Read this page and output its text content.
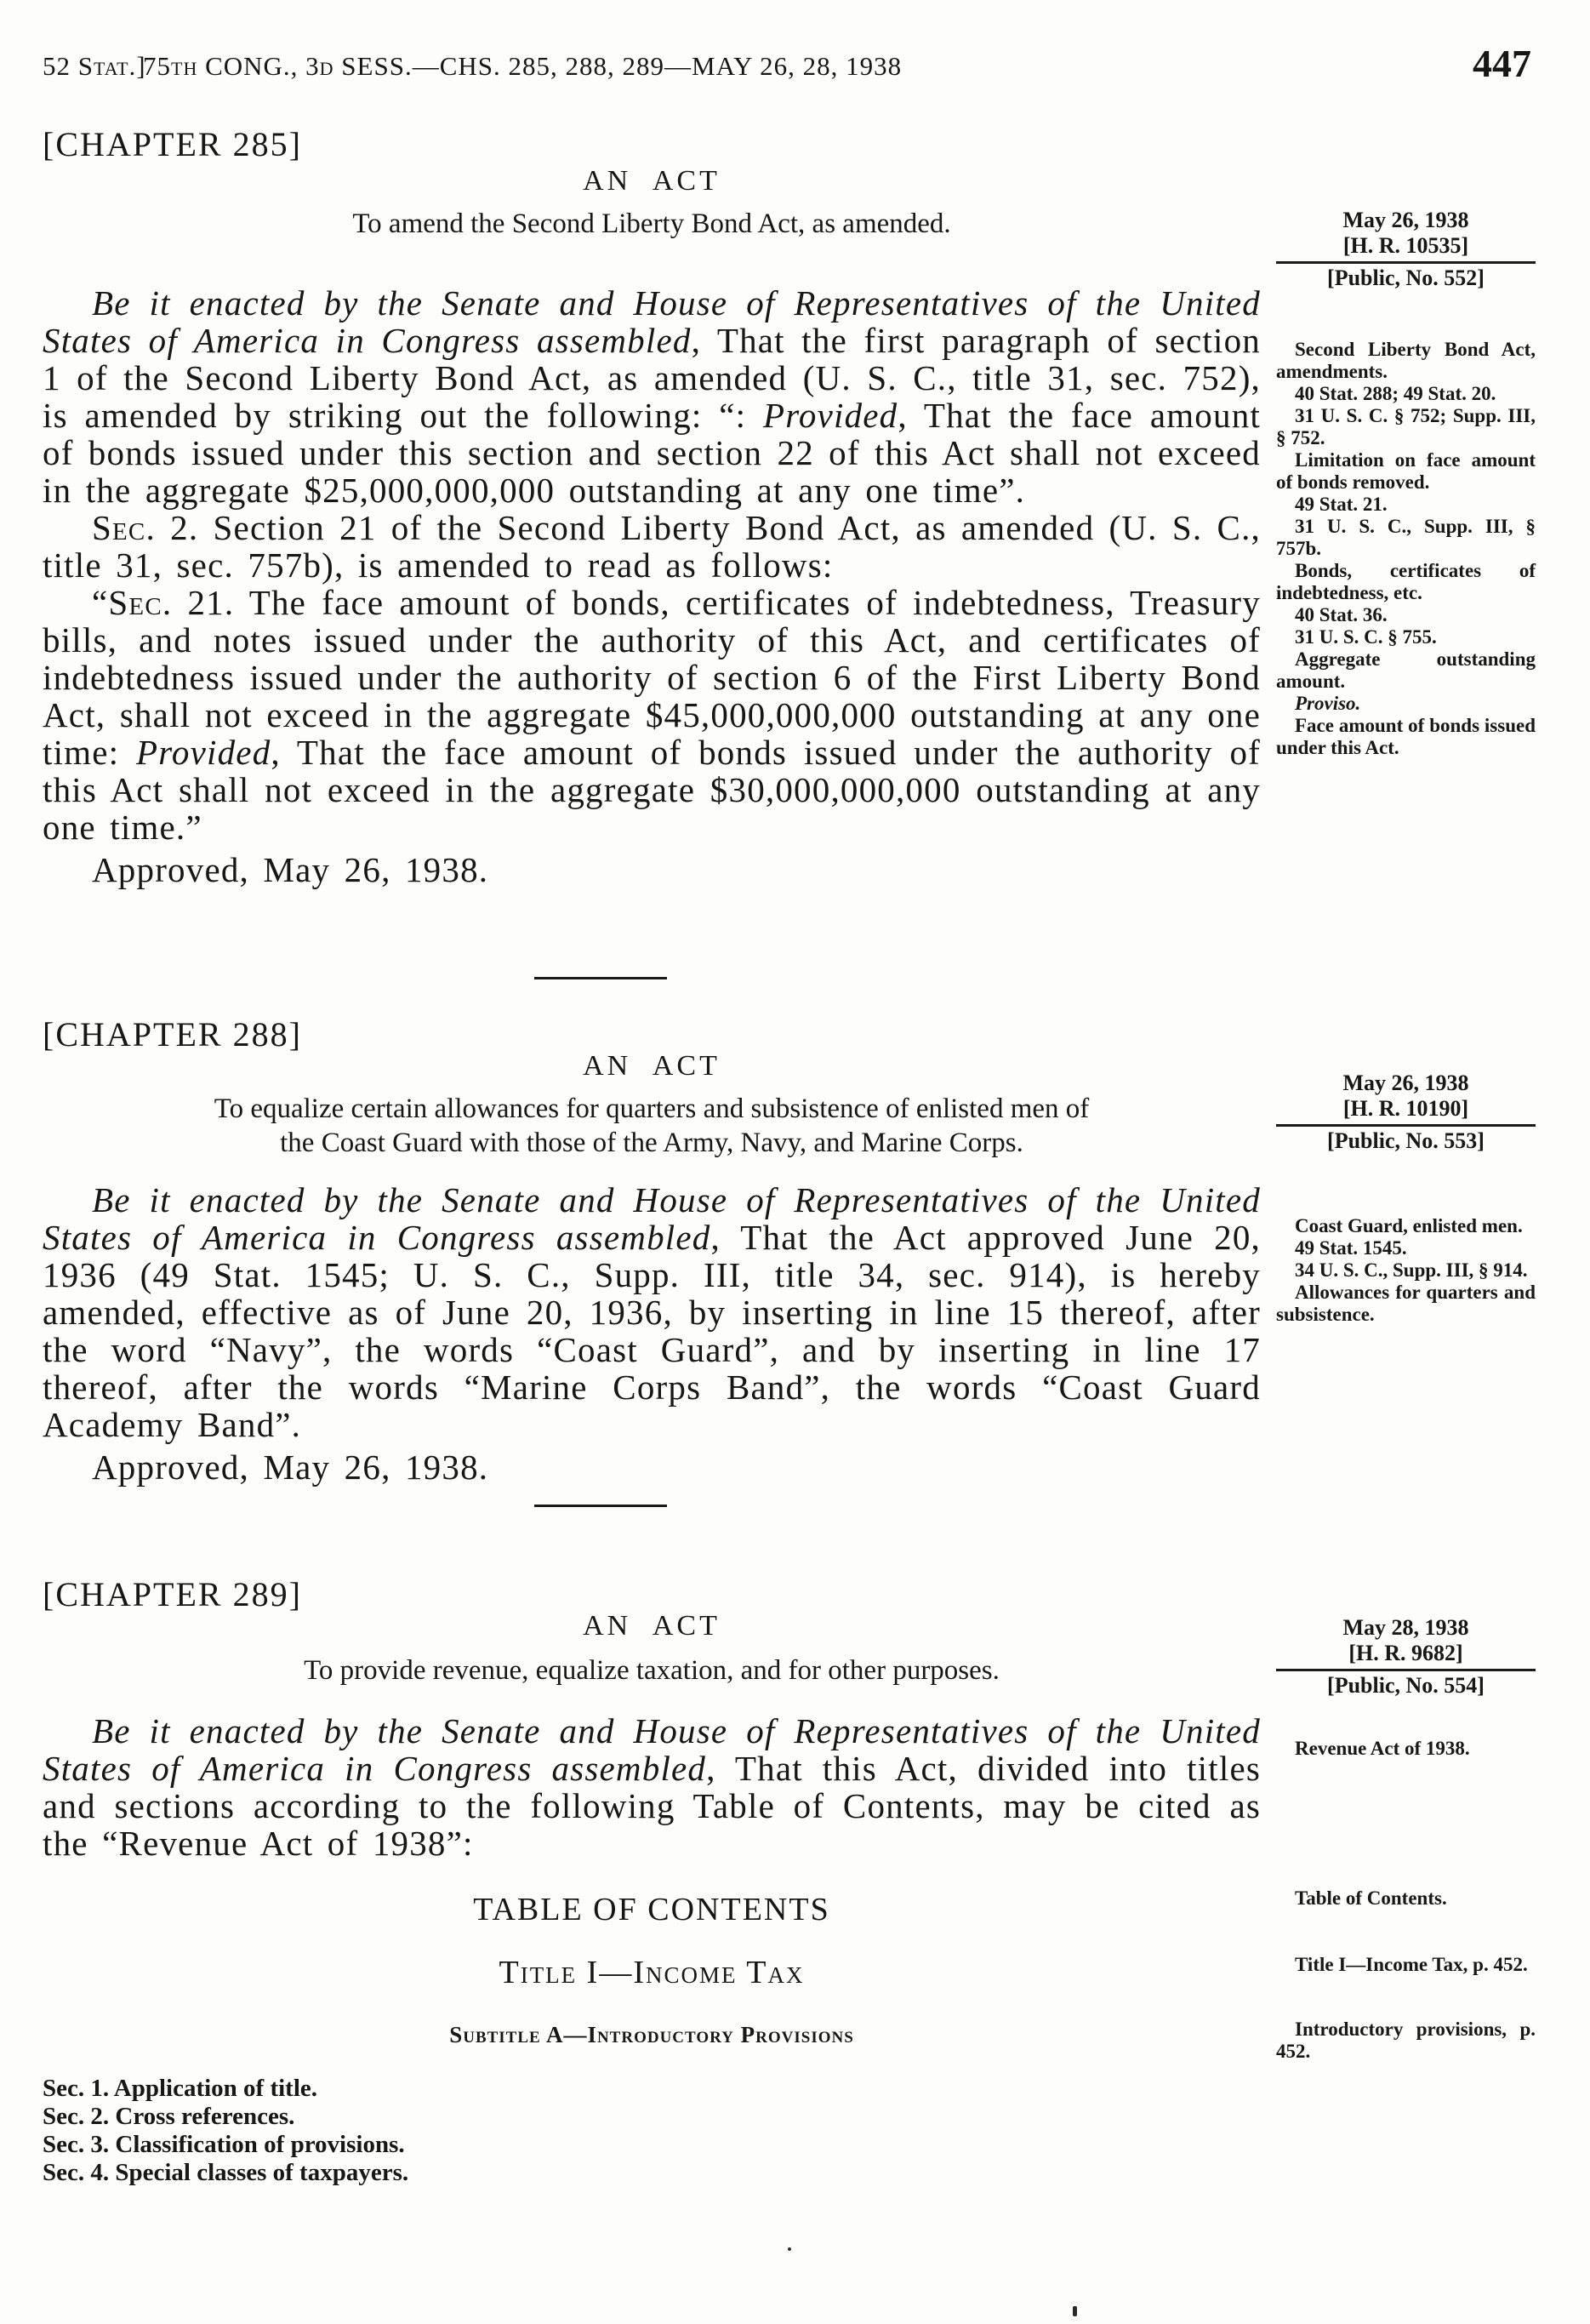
52 Stat.]
75th CONG., 3d SESS.—CHS. 285, 288, 289—MAY 26, 28, 1938	447
[CHAPTER 285]
AN ACT
To amend the Second Liberty Bond Act, as amended.

Be it enacted by the Senate and House of Representatives of the United States of America in Congress assembled, That the first paragraph of section 1 of the Second Liberty Bond Act, as amended (U. S. C., title 31, sec. 752), is amended by striking out the following: “: Provided, That the face amount of bonds issued under this section and section 22 of this Act shall not exceed in the aggregate $25,000,000,000 outstanding at any one time”.

Sec. 2. Section 21 of the Second Liberty Bond Act, as amended (U. S. C., title 31, sec. 757b), is amended to read as follows:

“Sec. 21. The face amount of bonds, certificates of indebtedness, Treasury bills, and notes issued under the authority of this Act, and certificates of indebtedness issued under the authority of section 6 of the First Liberty Bond Act, shall not exceed in the aggregate $45,000,000,000 outstanding at any one time: Provided, That the face amount of bonds issued under the authority of this Act shall not exceed in the aggregate $30,000,000,000 outstanding at any one time.”

Approved, May 26, 1938.

[CHAPTER 288]
AN ACT
To equalize certain allowances for quarters and subsistence of enlisted men of
the Coast Guard with those of the Army, Navy, and Marine Corps.

Be it enacted by the Senate and House of Representatives of the United States of America in Congress assembled, That the Act approved June 20, 1936 (49 Stat. 1545; U. S. C., Supp. III, title 34, sec. 914), is hereby amended, effective as of June 20, 1936, by inserting in line 15 thereof, after the word “Navy”, the words “Coast Guard”, and by inserting in line 17 thereof, after the words “Marine Corps Band”, the words “Coast Guard Academy Band”.

Approved, May 26, 1938.

[CHAPTER 289]
AN ACT
To provide revenue, equalize taxation, and for other purposes.

Be it enacted by the Senate and House of Representatives of the United States of America in Congress assembled, That this Act, divided into titles and sections according to the following Table of Contents, may be cited as the “Revenue Act of 1938”:

TABLE OF CONTENTS
Title I—Income Tax
Subtitle A—Introductory Provisions
Sec. 1. Application of title.
Sec. 2. Cross references.
Sec. 3. Classification of provisions.
Sec. 4. Special classes of taxpayers.
May 26, 1938
[H. R. 10535]
[Public, No. 552]
Second Liberty Bond Act, amendments.
40 Stat. 288; 49 Stat. 20.
31 U. S. C. § 752; Supp. III, § 752.
Limitation on face amount of bonds removed.
49 Stat. 21.
31 U. S. C., Supp. III, § 757b.
Bonds, certificates of indebtedness, etc.
40 Stat. 36.
31 U. S. C. § 755.
Aggregate outstanding amount.
Proviso.
Face amount of bonds issued under this Act.
May 26, 1938
[H. R. 10190]
[Public, No. 553]
Coast Guard, enlisted men.
49 Stat. 1545.
34 U. S. C., Supp. III, § 914.
Allowances for quarters and subsistence.
May 28, 1938
[H. R. 9682]
[Public, No. 554]
Revenue Act of 1938.
Table of Contents.
Title I—Income Tax, p. 452.
Introductory provisions, p. 452.
